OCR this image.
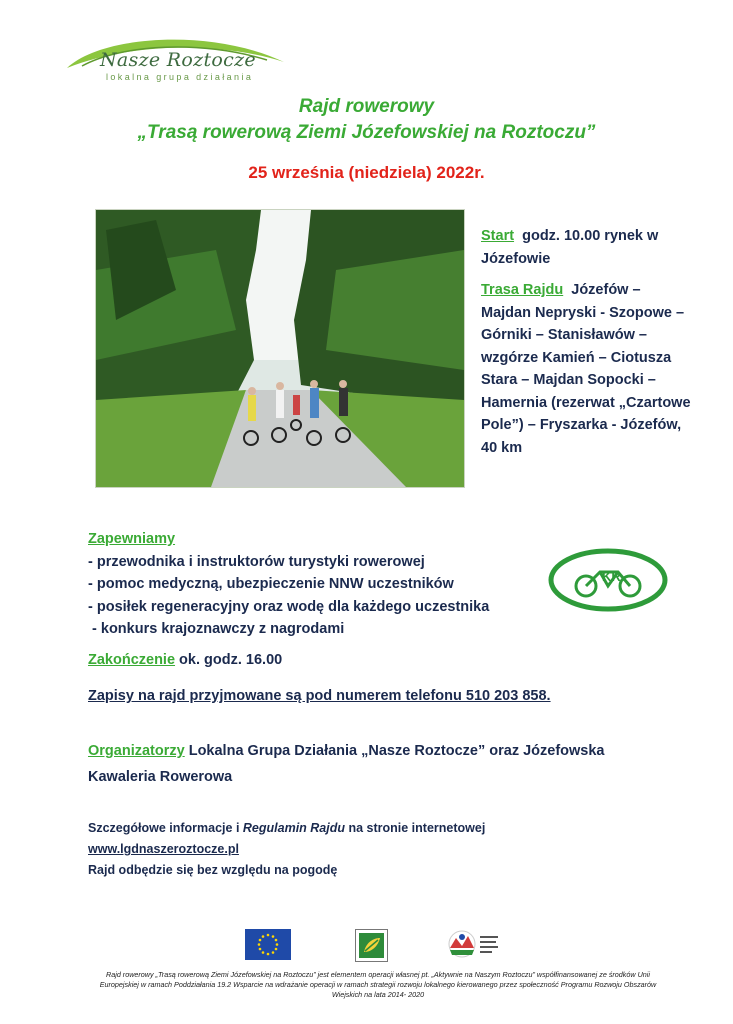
Nasze Roztocze
lokalna grupa działania
Rajd rowerowy
„Trasą rowerową Ziemi Józefowskiej na Roztoczu”
25 września (niedziela) 2022r.

Start godz. 10.00 rynek w Józefowie

Trasa Rajdu Józefów – Majdan Nepryski - Szopowe – Górniki – Stanisławów – wzgórze Kamień – Ciotusza Stara – Majdan Sopocki – Hamernia (rezerwat „Czartowe Pole”) – Fryszarka - Józefów, 40 km

Zapewniamy
- przewodnika i instruktorów turystyki rowerowej
- pomoc medyczną, ubezpieczenie NNW uczestników
- posiłek regeneracyjny oraz wodę dla każdego uczestnika
- konkurs krajoznawczy z nagrodami
KR
Zakończenie ok. godz. 16.00
Zapisy na rajd przyjmowane są pod numerem telefonu 510 203 858.
Organizatorzy Lokalna Grupa Działania „Nasze Roztocze” oraz Józefowska Kawaleria Rowerowa
Szczegółowe informacje i Regulamin Rajdu na stronie internetowej
www.lgdnaszeroztocze.pl
Rajd odbędzie się bez względu na pogodę
Rajd rowerowy „Trasą rowerową Ziemi Józefowskiej na Roztoczu” jest elementem operacji własnej pt. „Aktywnie na Naszym Roztoczu” współfinansowanej ze środków Unii Europejskiej w ramach Poddziałania 19.2 Wsparcie na wdrażanie operacji w ramach strategii rozwoju lokalnego kierowanego przez społeczność Programu Rozwoju Obszarów Wiejskich na lata 2014- 2020
